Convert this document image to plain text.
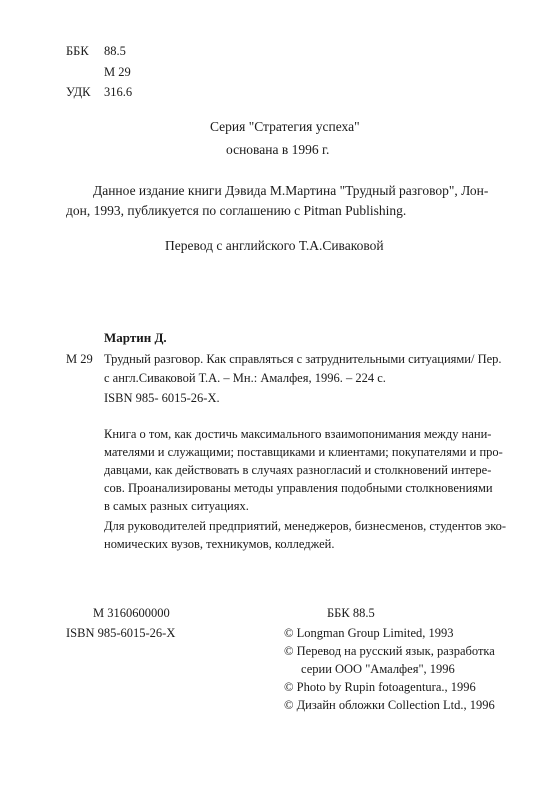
ББК 88.5
М 29
УДК 316.6
Серия "Стратегия успеха"
основана в 1996 г.
Данное издание книги Дэвида М.Мартина "Трудный разговор", Лон-
дон, 1993, публикуется по соглашению с Pitman Publishing.
Перевод с английского Т.А.Сиваковой
Мартин Д.
М 29 Трудный разговор. Как справляться с затруднительными ситуациями/ Пер.
с англ.Сиваковой Т.А. – Мн.: Амалфея, 1996. – 224 с.
ISBN 985- 6015-26-Х.
Книга о том, как достичь максимального взаимопонимания между нани-
мателями и служащими; поставщиками и клиентами; покупателями и про-
давцами, как действовать в случаях разногласий и столкновений интере-
сов. Проанализированы методы управления подобными столкновениями
в самых разных ситуациях.
Для руководителей предприятий, менеджеров, бизнесменов, студентов эко-
номических вузов, техникумов, колледжей.
М 3160600000
ISBN 985-6015-26-Х
ББК 88.5
© Longman Group Limited, 1993
© Перевод на русский язык, разработка
серии ООО "Амалфея", 1996
© Photo by Rupin fotoagentura., 1996
© Дизайн обложки Collection Ltd., 1996
